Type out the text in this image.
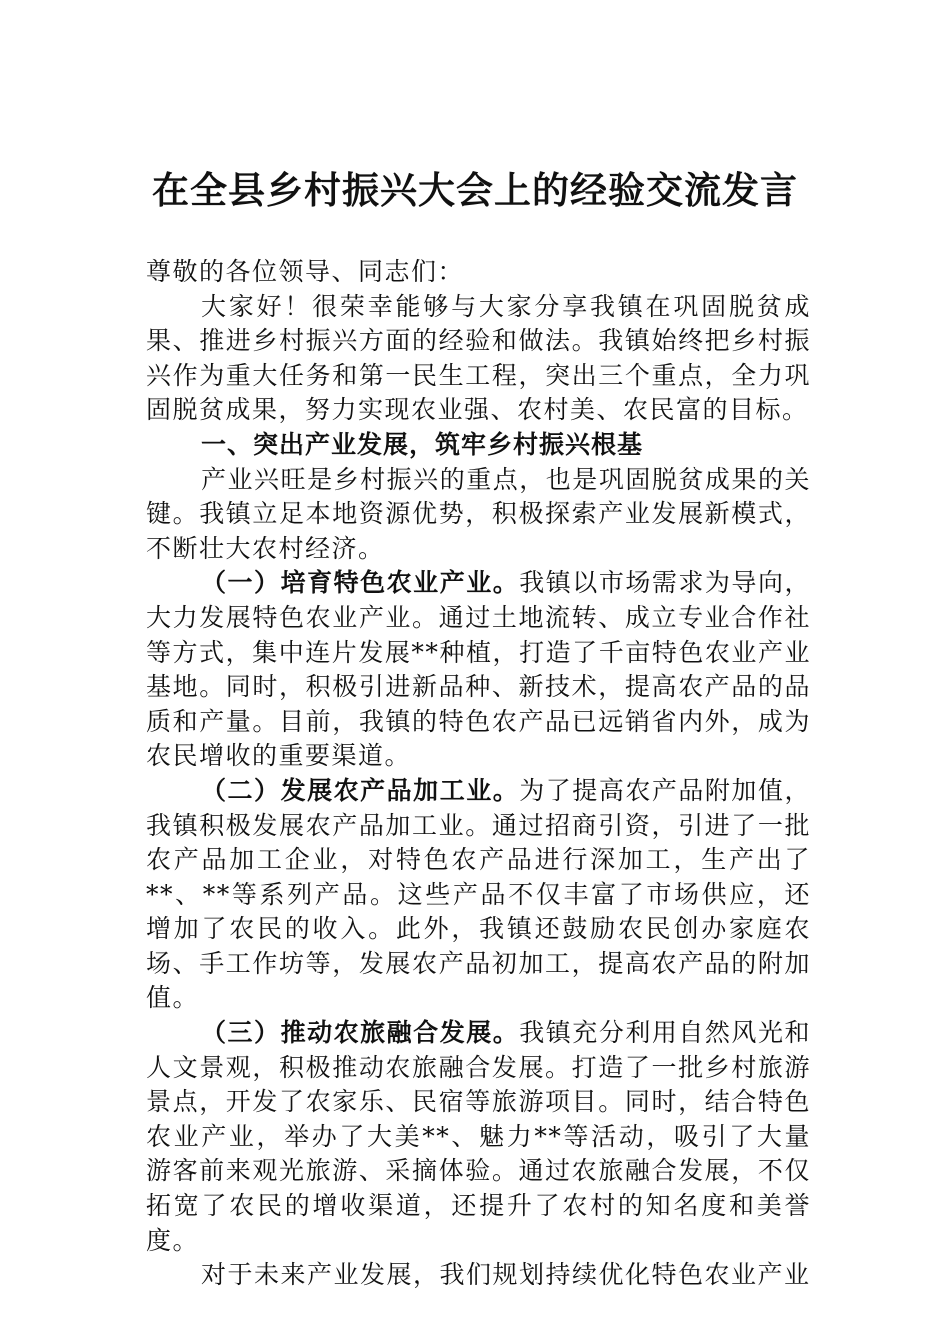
在全县乡村振兴大会上的经验交流发言

尊敬的各位领导、同志们：

大家好！很荣幸能够与大家分享我镇在巩固脱贫成果、推进乡村振兴方面的经验和做法。我镇始终把乡村振兴作为重大任务和第一民生工程，突出三个重点，全力巩固脱贫成果，努力实现农业强、农村美、农民富的目标。

一、突出产业发展，筑牢乡村振兴根基

产业兴旺是乡村振兴的重点，也是巩固脱贫成果的关键。我镇立足本地资源优势，积极探索产业发展新模式，不断壮大农村经济。

（一）培育特色农业产业。我镇以市场需求为导向，大力发展特色农业产业。通过土地流转、成立专业合作社等方式，集中连片发展**种植，打造了千亩特色农业产业基地。同时，积极引进新品种、新技术，提高农产品的品质和产量。目前，我镇的特色农产品已远销省内外，成为农民增收的重要渠道。

（二）发展农产品加工业。为了提高农产品附加值，我镇积极发展农产品加工业。通过招商引资，引进了一批农产品加工企业，对特色农产品进行深加工，生产出了**、**等系列产品。这些产品不仅丰富了市场供应，还增加了农民的收入。此外，我镇还鼓励农民创办家庭农场、手工作坊等，发展农产品初加工，提高农产品的附加值。

（三）推动农旅融合发展。我镇充分利用自然风光和人文景观，积极推动农旅融合发展。打造了一批乡村旅游景点，开发了农家乐、民宿等旅游项目。同时，结合特色农业产业，举办了大美**、魅力**等活动，吸引了大量游客前来观光旅游、采摘体验。通过农旅融合发展，不仅拓宽了农民的增收渠道，还提升了农村的知名度和美誉度。

对于未来产业发展，我们规划持续优化特色农业产业
